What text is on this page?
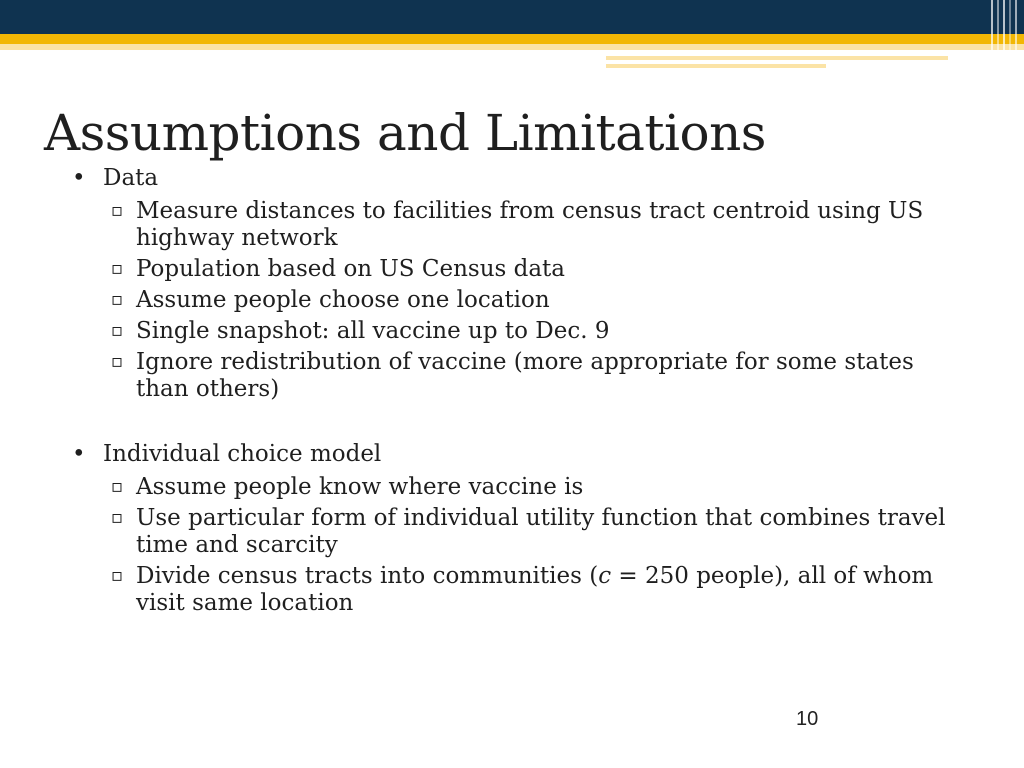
Assumptions and Limitations
• Data
▫ Measure distances to facilities from census tract centroid using US highway network
▫ Population based on US Census data
▫ Assume people choose one location
▫ Single snapshot: all vaccine up to Dec. 9
▫ Ignore redistribution of vaccine (more appropriate for some states than others)
• Individual choice model
▫ Assume people know where vaccine is
▫ Use particular form of individual utility function that combines travel time and scarcity
▫ Divide census tracts into communities (c = 250 people), all of whom visit same location
10
